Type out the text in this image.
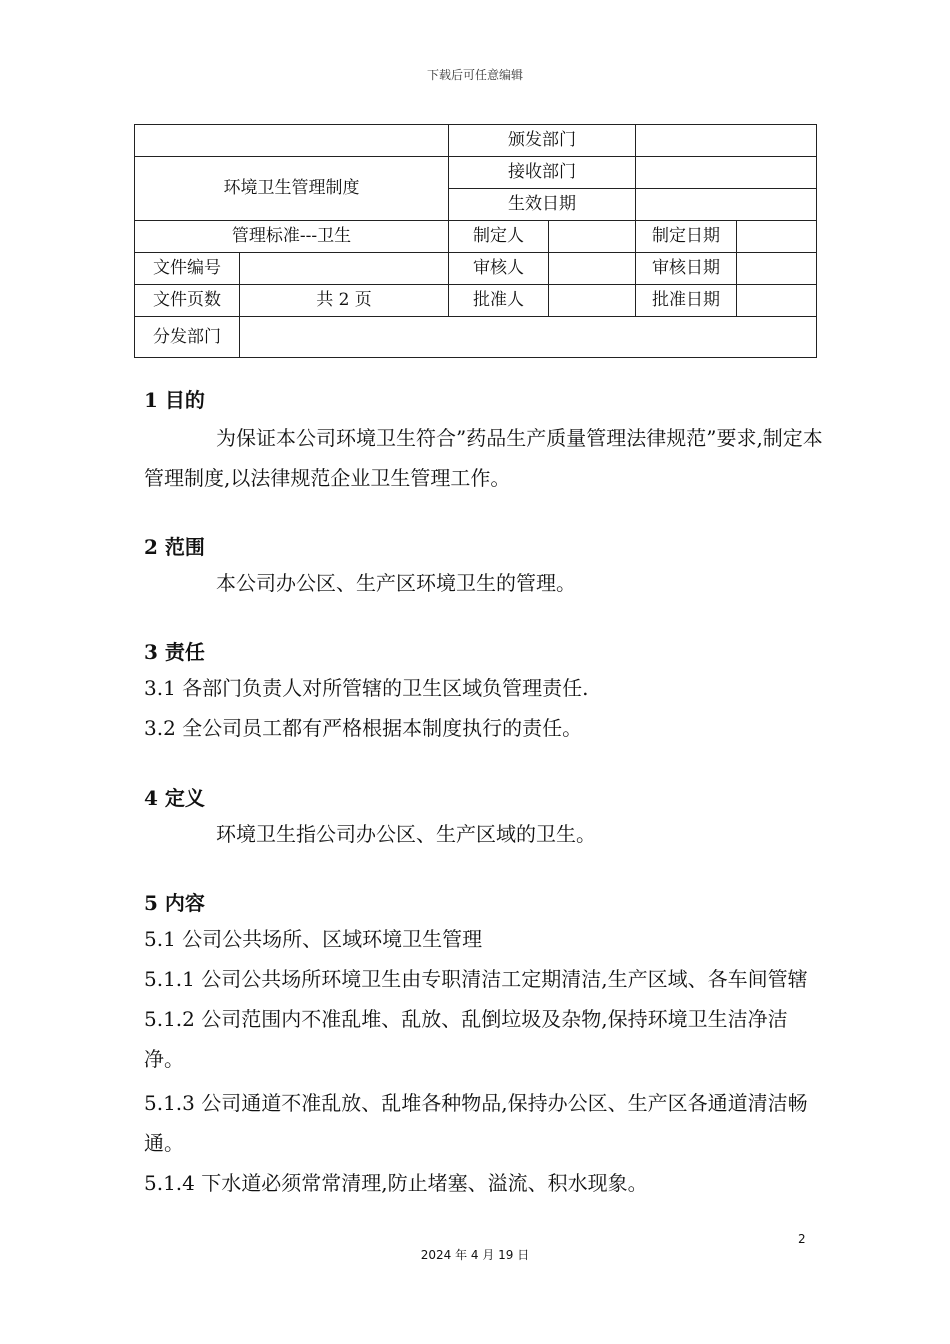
下载后可任意编辑
		颁发部门			
环境卫生管理制度		接收部门			
		生效日期			
管理标准---卫生		制定人		制定日期	
文件编号		审核人		审核日期	
文件页数	共 2 页	批准人		批准日期	
分发部门					
1 目的
为保证本公司环境卫生符合”药品生产质量管理法律规范”要求,制定本管理制度,以法律规范企业卫生管理工作。
2 范围
本公司办公区、生产区环境卫生的管理。
3 责任
3.1 各部门负责人对所管辖的卫生区域负管理责任.
3.2 全公司员工都有严格根据本制度执行的责任。
4 定义
环境卫生指公司办公区、生产区域的卫生。
5 内容
5.1 公司公共场所、区域环境卫生管理
5.1.1 公司公共场所环境卫生由专职清洁工定期清洁,生产区域、各车间管辖 5.1.2 公司范围内不准乱堆、乱放、乱倒垃圾及杂物,保持环境卫生洁净洁净。
5.1.3 公司通道不准乱放、乱堆各种物品,保持办公区、生产区各通道清洁畅通。
5.1.4 下水道必须常常清理,防止堵塞、溢流、积水现象。
2
2024 年 4 月 19 日
